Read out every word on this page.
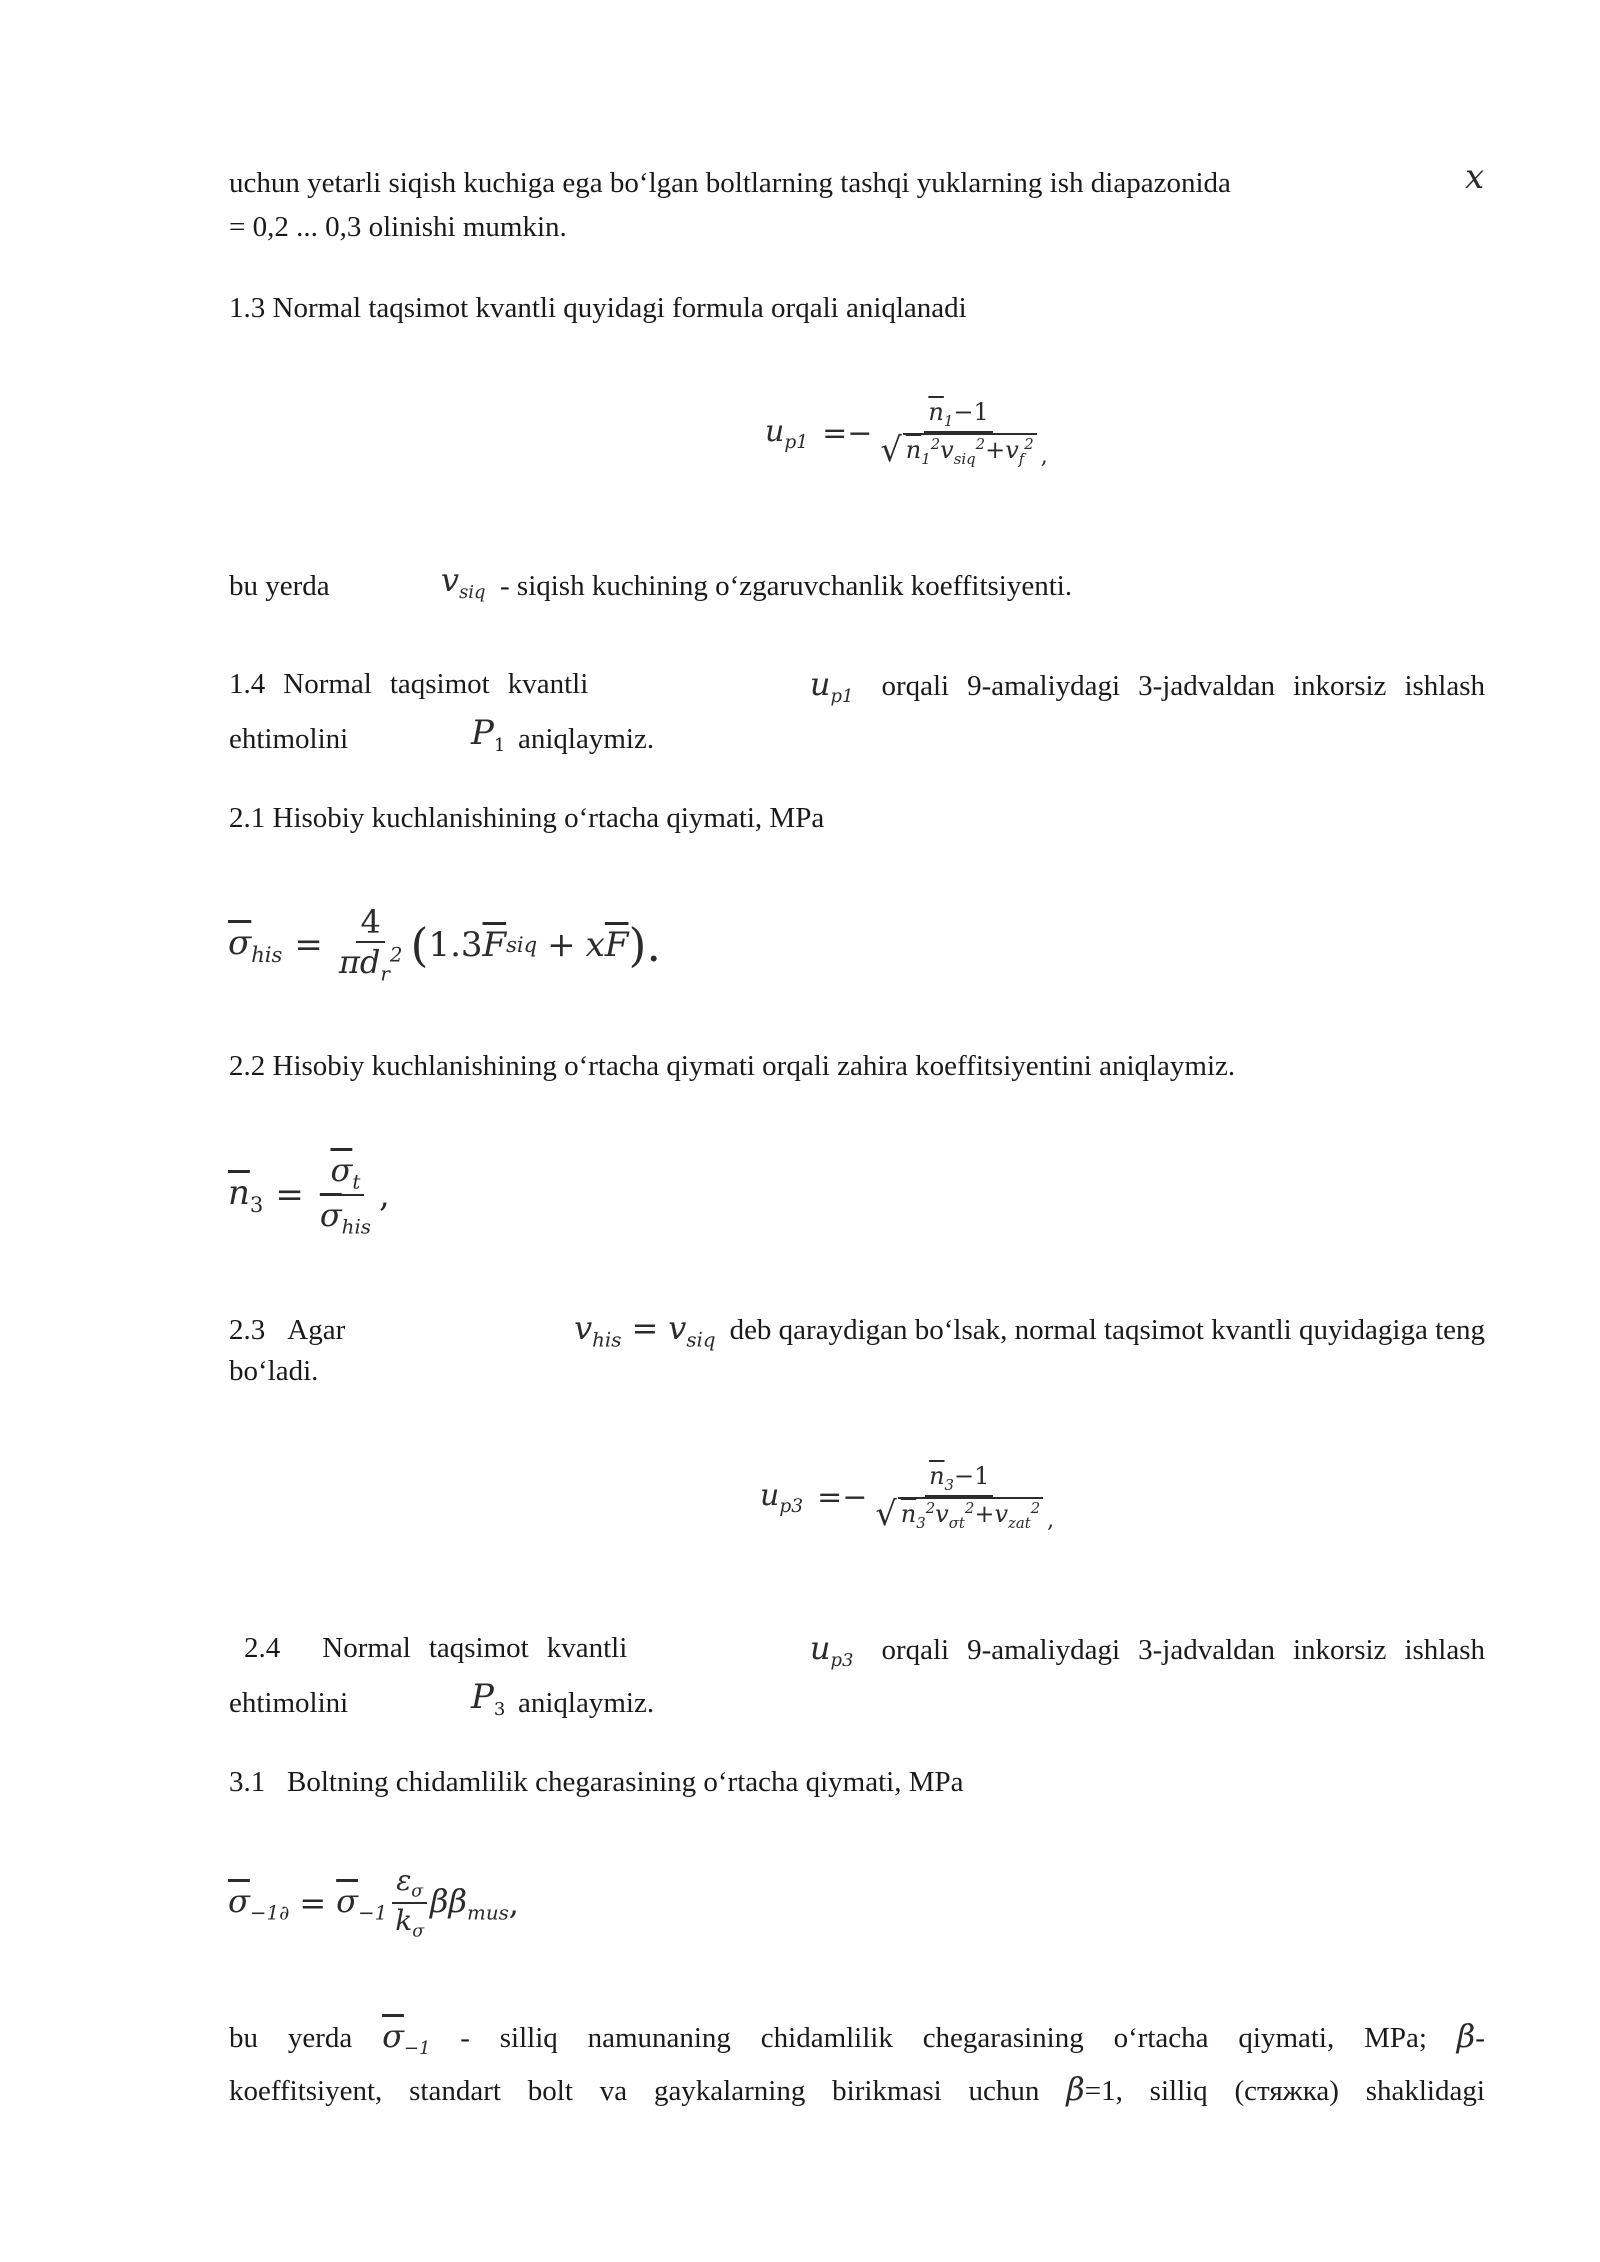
uchun yetarli siqish kuchiga ega bo‘lgan boltlarning tashqi yuklarning ish diapazonida	x
= 0,2 ... 0,3 olinishi mumkin.
1.3 Normal taqsimot kvantli quyidagi formula orqali aniqlanadi
$u_{p1} =- \frac{\overline{n}_1-1}{√ n_1^2v_{siq}^2+v_f^2}$ ,
bu yerda	$v_{siq}$ - siqish kuchining o‘zgaruvchanlik koeffitsiyenti.
1.4 Normal taqsimot kvantli	$u_{p1}$ orqali 9-amaliydagi 3-jadvaldan inkorsiz ishlash
ehtimolini	$P_1$ aniqlaymiz.
2.1 Hisobiy kuchlanishining o‘rtacha qiymati, MPa
$\overline{\sigma}_{his} = \frac{4}{\pi d_r^2}$ ( 1.3 $\overline{F}$ siq + x $\overline{F}$ ).
2.2 Hisobiy kuchlanishining o‘rtacha qiymati orqali zahira koeffitsiyentini aniqlaymiz.
$\overline{n}_3 = \frac{\overline{\sigma}_t}{\overline{\sigma}_{his}}$ ,
2.3 Agar	$v_{his} = v_{siq}$ deb qaraydigan bo‘lsak, normal taqsimot kvantli quyidagiga teng
bo‘ladi.
$u_{p3} =- \frac{\overline{n}_3-1}{√ n_3^2v_{\sigma t}^2+v_{zat}^2}$ ,
2.4 Normal taqsimot kvantli	$u_{p3}$ orqali 9-amaliydagi 3-jadvaldan inkorsiz ishlash
ehtimolini	$P_3$ aniqlaymiz.
3.1   Boltning chidamlilik chegarasining o‘rtacha qiymati, MPa
$\overline{\sigma}_{-1\partial} = \overline{\sigma}_{-1} \frac{\varepsilon_\sigma}{\overline{k}_\sigma} \beta\beta_{mus}$ ,
bu yerda $\overline{\sigma}_{-1}$ - silliq namunaning chidamlilik chegarasining o‘rtacha qiymati, MPa; β-
koeffitsiyent, standart bolt va gaykalarning birikmasi uchun β=1, silliq (стяжка) shaklidagi
